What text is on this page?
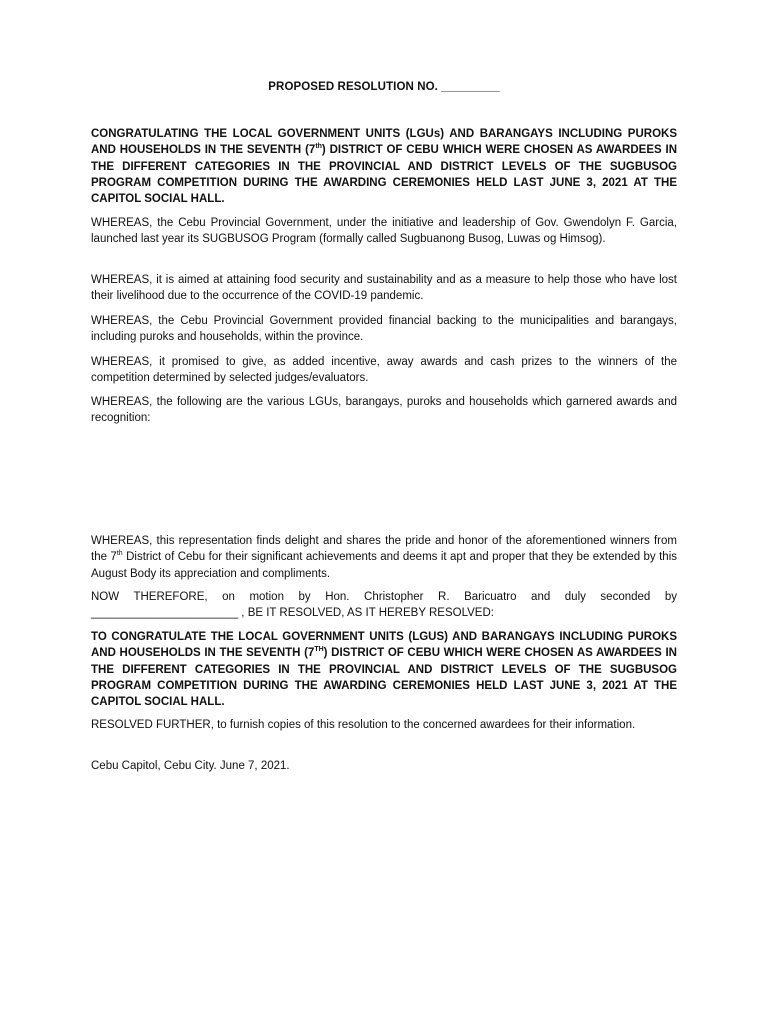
PROPOSED RESOLUTION NO. _________

CONGRATULATING THE LOCAL GOVERNMENT UNITS (LGUs) AND BARANGAYS INCLUDING PUROKS AND HOUSEHOLDS IN THE SEVENTH (7th) DISTRICT OF CEBU WHICH WERE CHOSEN AS AWARDEES IN THE DIFFERENT CATEGORIES IN THE PROVINCIAL AND DISTRICT LEVELS OF THE SUGBUSOG PROGRAM COMPETITION DURING THE AWARDING CEREMONIES HELD LAST JUNE 3, 2021 AT THE CAPITOL SOCIAL HALL.

WHEREAS, the Cebu Provincial Government, under the initiative and leadership of Gov. Gwendolyn F. Garcia, launched last year its SUGBUSOG Program (formally called Sugbuanong Busog, Luwas og Himsog).

WHEREAS, it is aimed at attaining food security and sustainability and as a measure to help those who have lost their livelihood due to the occurrence of the COVID-19 pandemic.

WHEREAS, the Cebu Provincial Government provided financial backing to the municipalities and barangays, including puroks and households, within the province.

WHEREAS, it promised to give, as added incentive, away awards and cash prizes to the winners of the competition determined by selected judges/evaluators.

WHEREAS, the following are the various LGUs, barangays, puroks and households which garnered awards and recognition:

WHEREAS, this representation finds delight and shares the pride and honor of the aforementioned winners from the 7th District of Cebu for their significant achievements and deems it apt and proper that they be extended by this August Body its appreciation and compliments.

NOW THEREFORE, on motion by Hon. Christopher R. Baricuatro and duly seconded by _______________________ , BE IT RESOLVED, AS IT HEREBY RESOLVED:

TO CONGRATULATE THE LOCAL GOVERNMENT UNITS (LGUS) AND BARANGAYS INCLUDING PUROKS AND HOUSEHOLDS IN THE SEVENTH (7TH) DISTRICT OF CEBU WHICH WERE CHOSEN AS AWARDEES IN THE DIFFERENT CATEGORIES IN THE PROVINCIAL AND DISTRICT LEVELS OF THE SUGBUSOG PROGRAM COMPETITION DURING THE AWARDING CEREMONIES HELD LAST JUNE 3, 2021 AT THE CAPITOL SOCIAL HALL.

RESOLVED FURTHER, to furnish copies of this resolution to the concerned awardees for their information.

Cebu Capitol, Cebu City. June 7, 2021.
